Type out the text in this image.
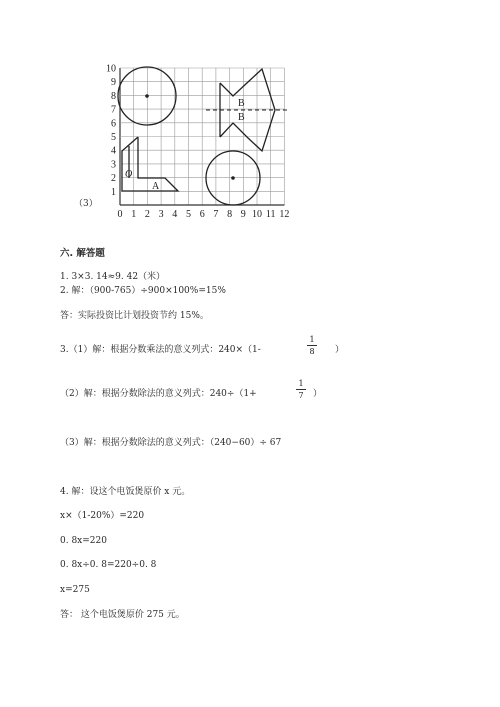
0 1 2 3 4 5 6 7 8 9 10 11 12
1
2
3
4
5
6
7
8
9
10
B
B
O
A
（3）
六. 解答题
1. 3×3. 14≈9. 42（米）
2. 解：（900-765）÷900×100%=15%
答：实际投资比计划投资节约 15%。
3.（1）解：根据分数乘法的意义列式：240×（1-
1
8	）
（2）解：根据分数除法的意义列式：240÷（1+
1
7	）
（3）解：根据分数除法的意义列式：（240−60）÷ 67
4. 解：设这个电饭煲原价 x 元。
x×（1-20%）=220
0. 8x=220
0. 8x÷0. 8=220÷0. 8
x=275
答： 这个电饭煲原价 275 元。
